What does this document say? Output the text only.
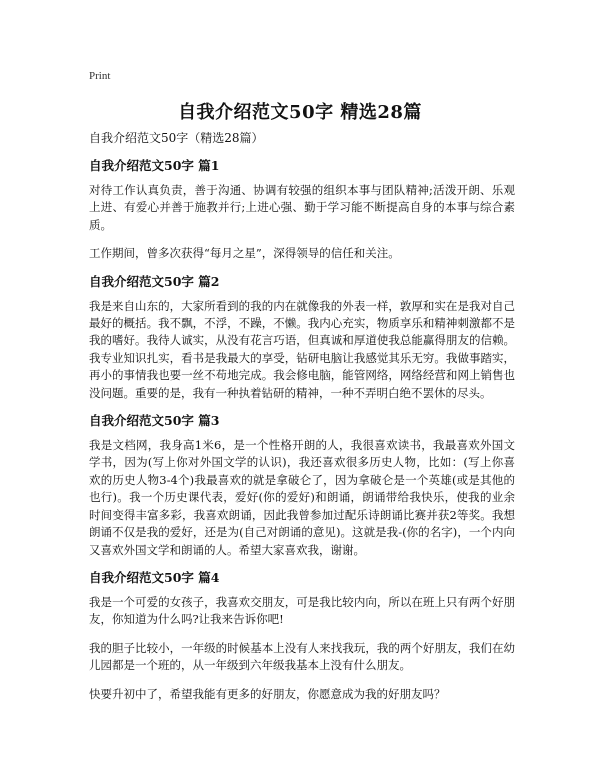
Print
自我介绍范文50字 精选28篇

自我介绍范文50字（精选28篇）

自我介绍范文50字 篇1

对待工作认真负责，善于沟通、协调有较强的组织本事与团队精神;活泼开朗、乐观上进、有爱心并善于施教并行;上进心强、勤于学习能不断提高自身的本事与综合素质。

工作期间，曾多次获得“每月之星”，深得领导的信任和关注。

自我介绍范文50字 篇2

我是来自山东的，大家所看到的我的内在就像我的外表一样，敦厚和实在是我对自己最好的概括。我不飘，不浮，不躁，不懒。我内心充实，物质享乐和精神刺激都不是我的嗜好。我待人诚实，从没有花言巧语，但真诚和厚道使我总能赢得朋友的信赖。我专业知识扎实，看书是我最大的享受，钻研电脑让我感觉其乐无穷。我做事踏实，再小的事情我也要一丝不苟地完成。我会修电脑，能管网络，网络经营和网上销售也没问题。重要的是，我有一种执着钻研的精神，一种不弄明白绝不罢休的尽头。

自我介绍范文50字 篇3

我是文档网，我身高1米6，是一个性格开朗的人，我很喜欢读书，我最喜欢外国文学书，因为(写上你对外国文学的认识)，我还喜欢很多历史人物，比如：(写上你喜欢的历史人物3-4个)我最喜欢的就是拿破仑了，因为拿破仑是一个英雄(或是其他的也行)。我一个历史课代表，爱好(你的爱好)和朗诵，朗诵带给我快乐，使我的业余时间变得丰富多彩，我喜欢朗诵，因此我曾参加过配乐诗朗诵比赛并获2等奖。我想朗诵不仅是我的爱好，还是为(自己对朗诵的意见)。这就是我-(你的名字)，一个内向又喜欢外国文学和朗诵的人。希望大家喜欢我，谢谢。

自我介绍范文50字 篇4

我是一个可爱的女孩子，我喜欢交朋友，可是我比较内向，所以在班上只有两个好朋友，你知道为什么吗?让我来告诉你吧!

我的胆子比较小，一年级的时候基本上没有人来找我玩，我的两个好朋友，我们在幼儿园都是一个班的，从一年级到六年级我基本上没有什么朋友。

快要升初中了，希望我能有更多的好朋友，你愿意成为我的好朋友吗？
